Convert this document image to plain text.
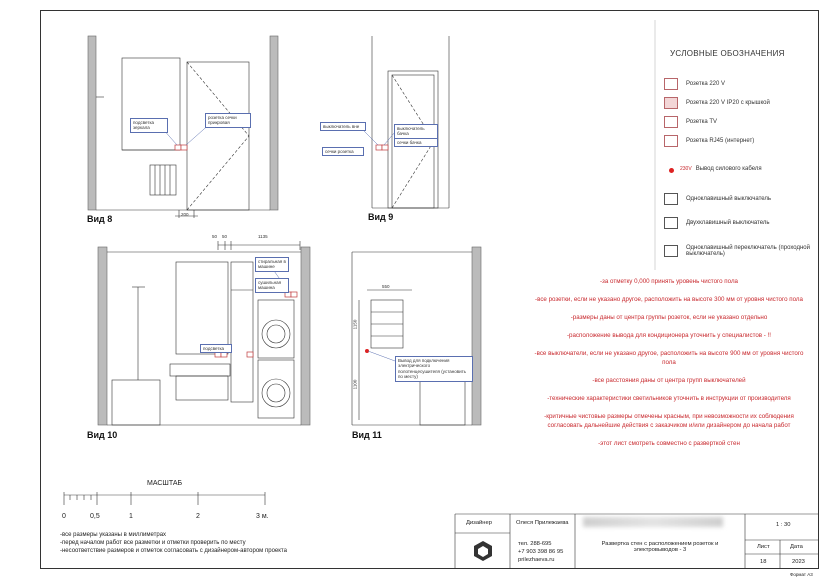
Вид 8	Вид 9
Вид 10	Вид 11
подсветка зеркала
розетка сечки прикровая
выключатель вне	выключатель бачка
сечки розетка
сечки бачка
стиральная в машине
сушильная машина
подсветка
Вывод для подключения электрического полотенцесушителя (установить по месту)
200
50 50	1135
550
1150
1100
УСЛОВНЫЕ ОБОЗНАЧЕНИЯ
Розетка 220 V
Розетка 220 V IP20 с крышкой
Розетка TV
Розетка RJ45 (интернет)
230V Вывод силового кабеля
Одноклавишный выключатель
Двухклавишный выключатель
Одноклавишный переключатель (проходной выключатель)

-за отметку 0,000 принять уровень чистого пола

-все розетки, если не указано другое, расположить на высоте 300 мм от уровня чистого пола

-размеры даны от центра группы розеток, если не указано отдельно

-расположение вывода для кондиционера уточнить у специалистов - !!

-все выключатели, если не указано другое, расположить на высоте 900 мм от уровня чистого пола

-все расстояния даны от центра групп выключателей

-технические характеристики светильников уточнить в инструкции от производителя

-критичные чистовые размеры отмечены красным, при невозможности их соблюдения согласовать дальнейшие действия с заказчиком и/или дизайнером до начала работ

-этот лист смотреть совместно с разверткой стен

МАСШТАБ
0	0,5	1	2	3 м.
-все размеры указаны в миллиметрах
-перед началом работ все разметки и отметки проверить по месту
-несоответствие размеров и отметок согласовать с дизайнером-автором проекта
Дизайнер	Олеся Прилежаева
тел. 288-695
+7 903 398 86 95
prilezhaeva.ru
Развертка стен с расположением розеток и электровыводов - 3
1 : 30
Лист	Дата
18	2023
Формат А3
